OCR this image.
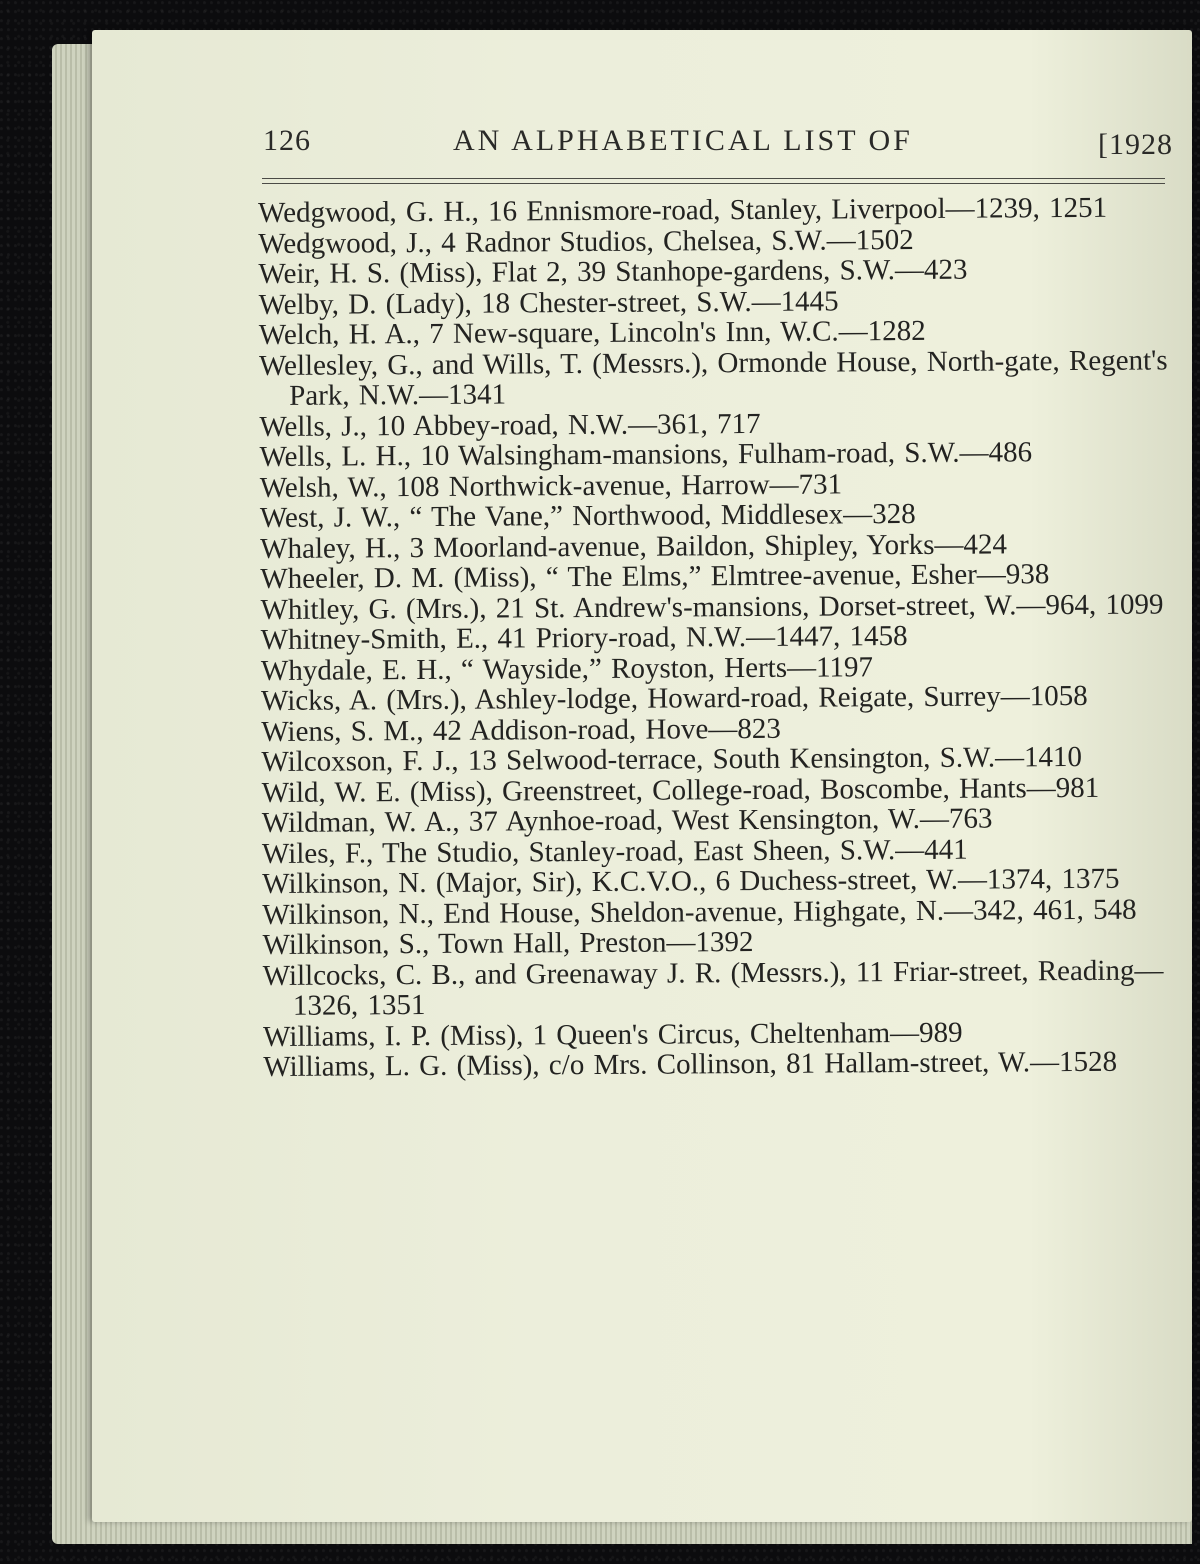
126	AN ALPHABETICAL LIST OF	[1928

Wedgwood, G. H., 16 Ennismore-road, Stanley, Liverpool—1239, 1251

Wedgwood, J., 4 Radnor Studios, Chelsea, S.W.—1502

Weir, H. S. (Miss), Flat 2, 39 Stanhope-gardens, S.W.—423

Welby, D. (Lady), 18 Chester-street, S.W.—1445

Welch, H. A., 7 New-square, Lincoln's Inn, W.C.—1282

Wellesley, G., and Wills, T. (Messrs.), Ormonde House, North-gate, Regent's Park, N.W.—1341

Wells, J., 10 Abbey-road, N.W.—361, 717

Wells, L. H., 10 Walsingham-mansions, Fulham-road, S.W.—486

Welsh, W., 108 Northwick-avenue, Harrow—731

West, J. W., “ The Vane,” Northwood, Middlesex—328

Whaley, H., 3 Moorland-avenue, Baildon, Shipley, Yorks—424

Wheeler, D. M. (Miss), “ The Elms,” Elmtree-avenue, Esher—938

Whitley, G. (Mrs.), 21 St. Andrew's-mansions, Dorset-street, W.—964, 1099

Whitney-Smith, E., 41 Priory-road, N.W.—1447, 1458

Whydale, E. H., “ Wayside,” Royston, Herts—1197

Wicks, A. (Mrs.), Ashley-lodge, Howard-road, Reigate, Surrey—1058

Wiens, S. M., 42 Addison-road, Hove—823

Wilcoxson, F. J., 13 Selwood-terrace, South Kensington, S.W.—1410

Wild, W. E. (Miss), Greenstreet, College-road, Boscombe, Hants—981

Wildman, W. A., 37 Aynhoe-road, West Kensington, W.—763

Wiles, F., The Studio, Stanley-road, East Sheen, S.W.—441

Wilkinson, N. (Major, Sir), K.C.V.O., 6 Duchess-street, W.—1374, 1375

Wilkinson, N., End House, Sheldon-avenue, Highgate, N.—342, 461, 548

Wilkinson, S., Town Hall, Preston—1392

Willcocks, C. B., and Greenaway J. R. (Messrs.), 11 Friar-street, Reading—1326, 1351

Williams, I. P. (Miss), 1 Queen's Circus, Cheltenham—989

Williams, L. G. (Miss), c/o Mrs. Collinson, 81 Hallam-street, W.—1528
